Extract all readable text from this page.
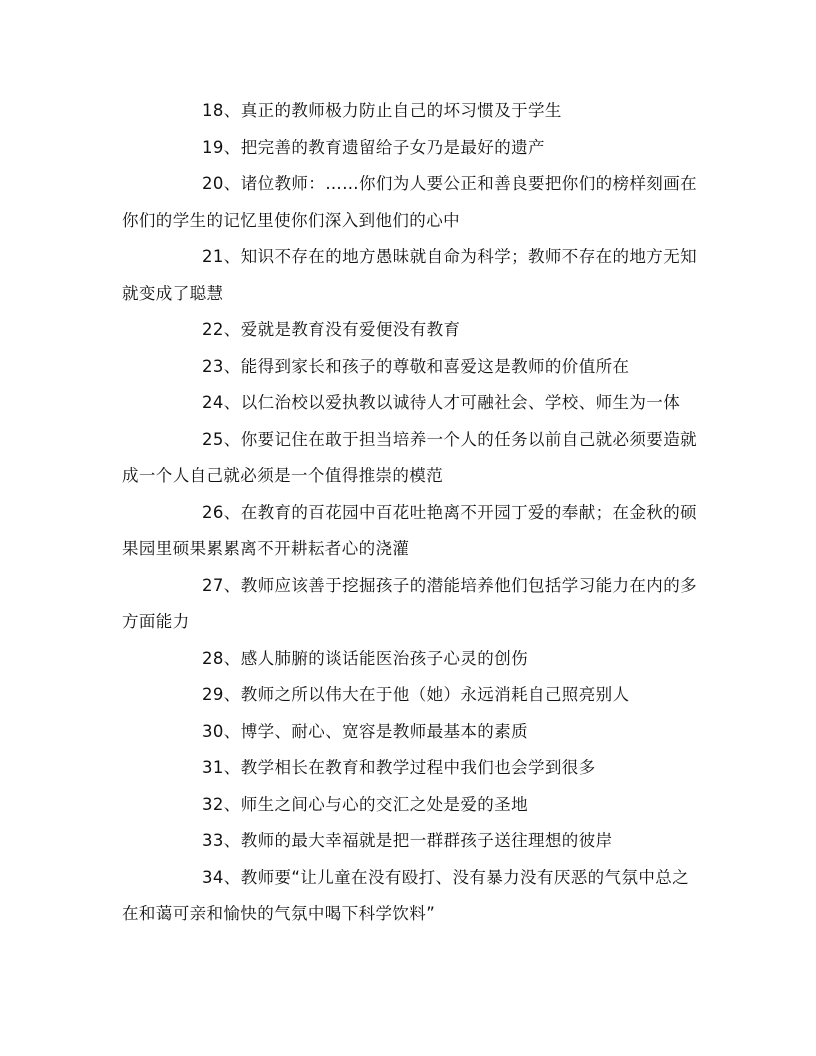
18、真正的教师极力防止自己的坏习惯及于学生

19、把完善的教育遗留给子女乃是最好的遗产

20、诸位教师：……你们为人要公正和善良要把你们的榜样刻画在你们的学生的记忆里使你们深入到他们的心中

21、知识不存在的地方愚昧就自命为科学；教师不存在的地方无知就变成了聪慧

22、爱就是教育没有爱便没有教育

23、能得到家长和孩子的尊敬和喜爱这是教师的价值所在

24、以仁治校以爱执教以诚待人才可融社会、学校、师生为一体

25、你要记住在敢于担当培养一个人的任务以前自己就必须要造就成一个人自己就必须是一个值得推崇的模范

26、在教育的百花园中百花吐艳离不开园丁爱的奉献；在金秋的硕果园里硕果累累离不开耕耘者心的浇灌

27、教师应该善于挖掘孩子的潜能培养他们包括学习能力在内的多方面能力

28、感人肺腑的谈话能医治孩子心灵的创伤

29、教师之所以伟大在于他（她）永远消耗自己照亮别人

30、博学、耐心、宽容是教师最基本的素质

31、教学相长在教育和教学过程中我们也会学到很多

32、师生之间心与心的交汇之处是爱的圣地

33、教师的最大幸福就是把一群群孩子送往理想的彼岸

34、教师要“让儿童在没有殴打、没有暴力没有厌恶的气氛中总之在和蔼可亲和愉快的气氛中喝下科学饮料”
